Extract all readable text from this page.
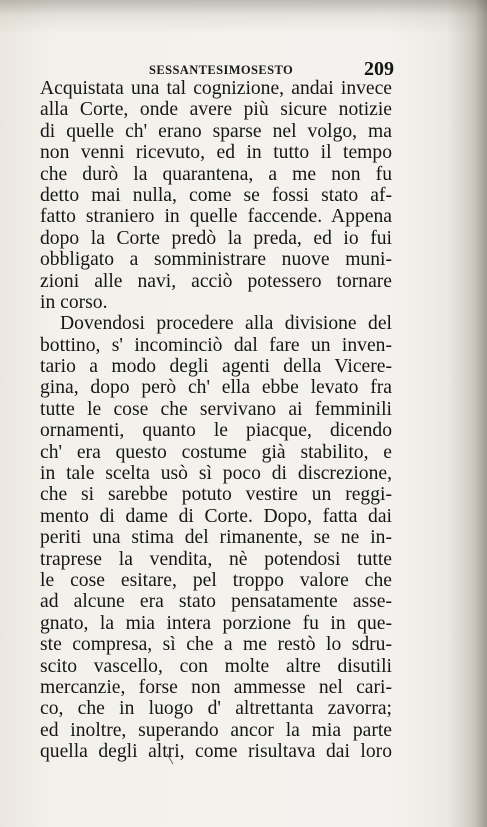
SESSANTESIMOSESTO	209
Acquistata una tal cognizione, andai invece
alla Corte, onde avere più sicure notizie
di quelle ch' erano sparse nel volgo, ma
non venni ricevuto, ed in tutto il tempo
che durò la quarantena, a me non fu
detto mai nulla, come se fossi stato af-
fatto straniero in quelle faccende. Appena
dopo la Corte predò la preda, ed io fui
obbligato a somministrare nuove muni-
zioni alle navi, acciò potessero tornare
in corso.
Dovendosi procedere alla divisione del
bottino, s' incominciò dal fare un inven-
tario a modo degli agenti della Vicere-
gina, dopo però ch' ella ebbe levato fra
tutte le cose che servivano ai femminili
ornamenti, quanto le piacque, dicendo
ch' era questo costume già stabilito, e
in tale scelta usò sì poco di discrezione,
che si sarebbe potuto vestire un reggi-
mento di dame di Corte. Dopo, fatta dai
periti una stima del rimanente, se ne in-
traprese la vendita, nè potendosi tutte
le cose esitare, pel troppo valore che
ad alcune era stato pensatamente asse-
gnato, la mia intera porzione fu in que-
ste compresa, sì che a me restò lo sdru-
scito vascello, con molte altre disutili
mercanzie, forse non ammesse nel cari-
co, che in luogo d' altrettanta zavorra;
ed inoltre, superando ancor la mia parte
quella degli altri, come risultava dai loro
